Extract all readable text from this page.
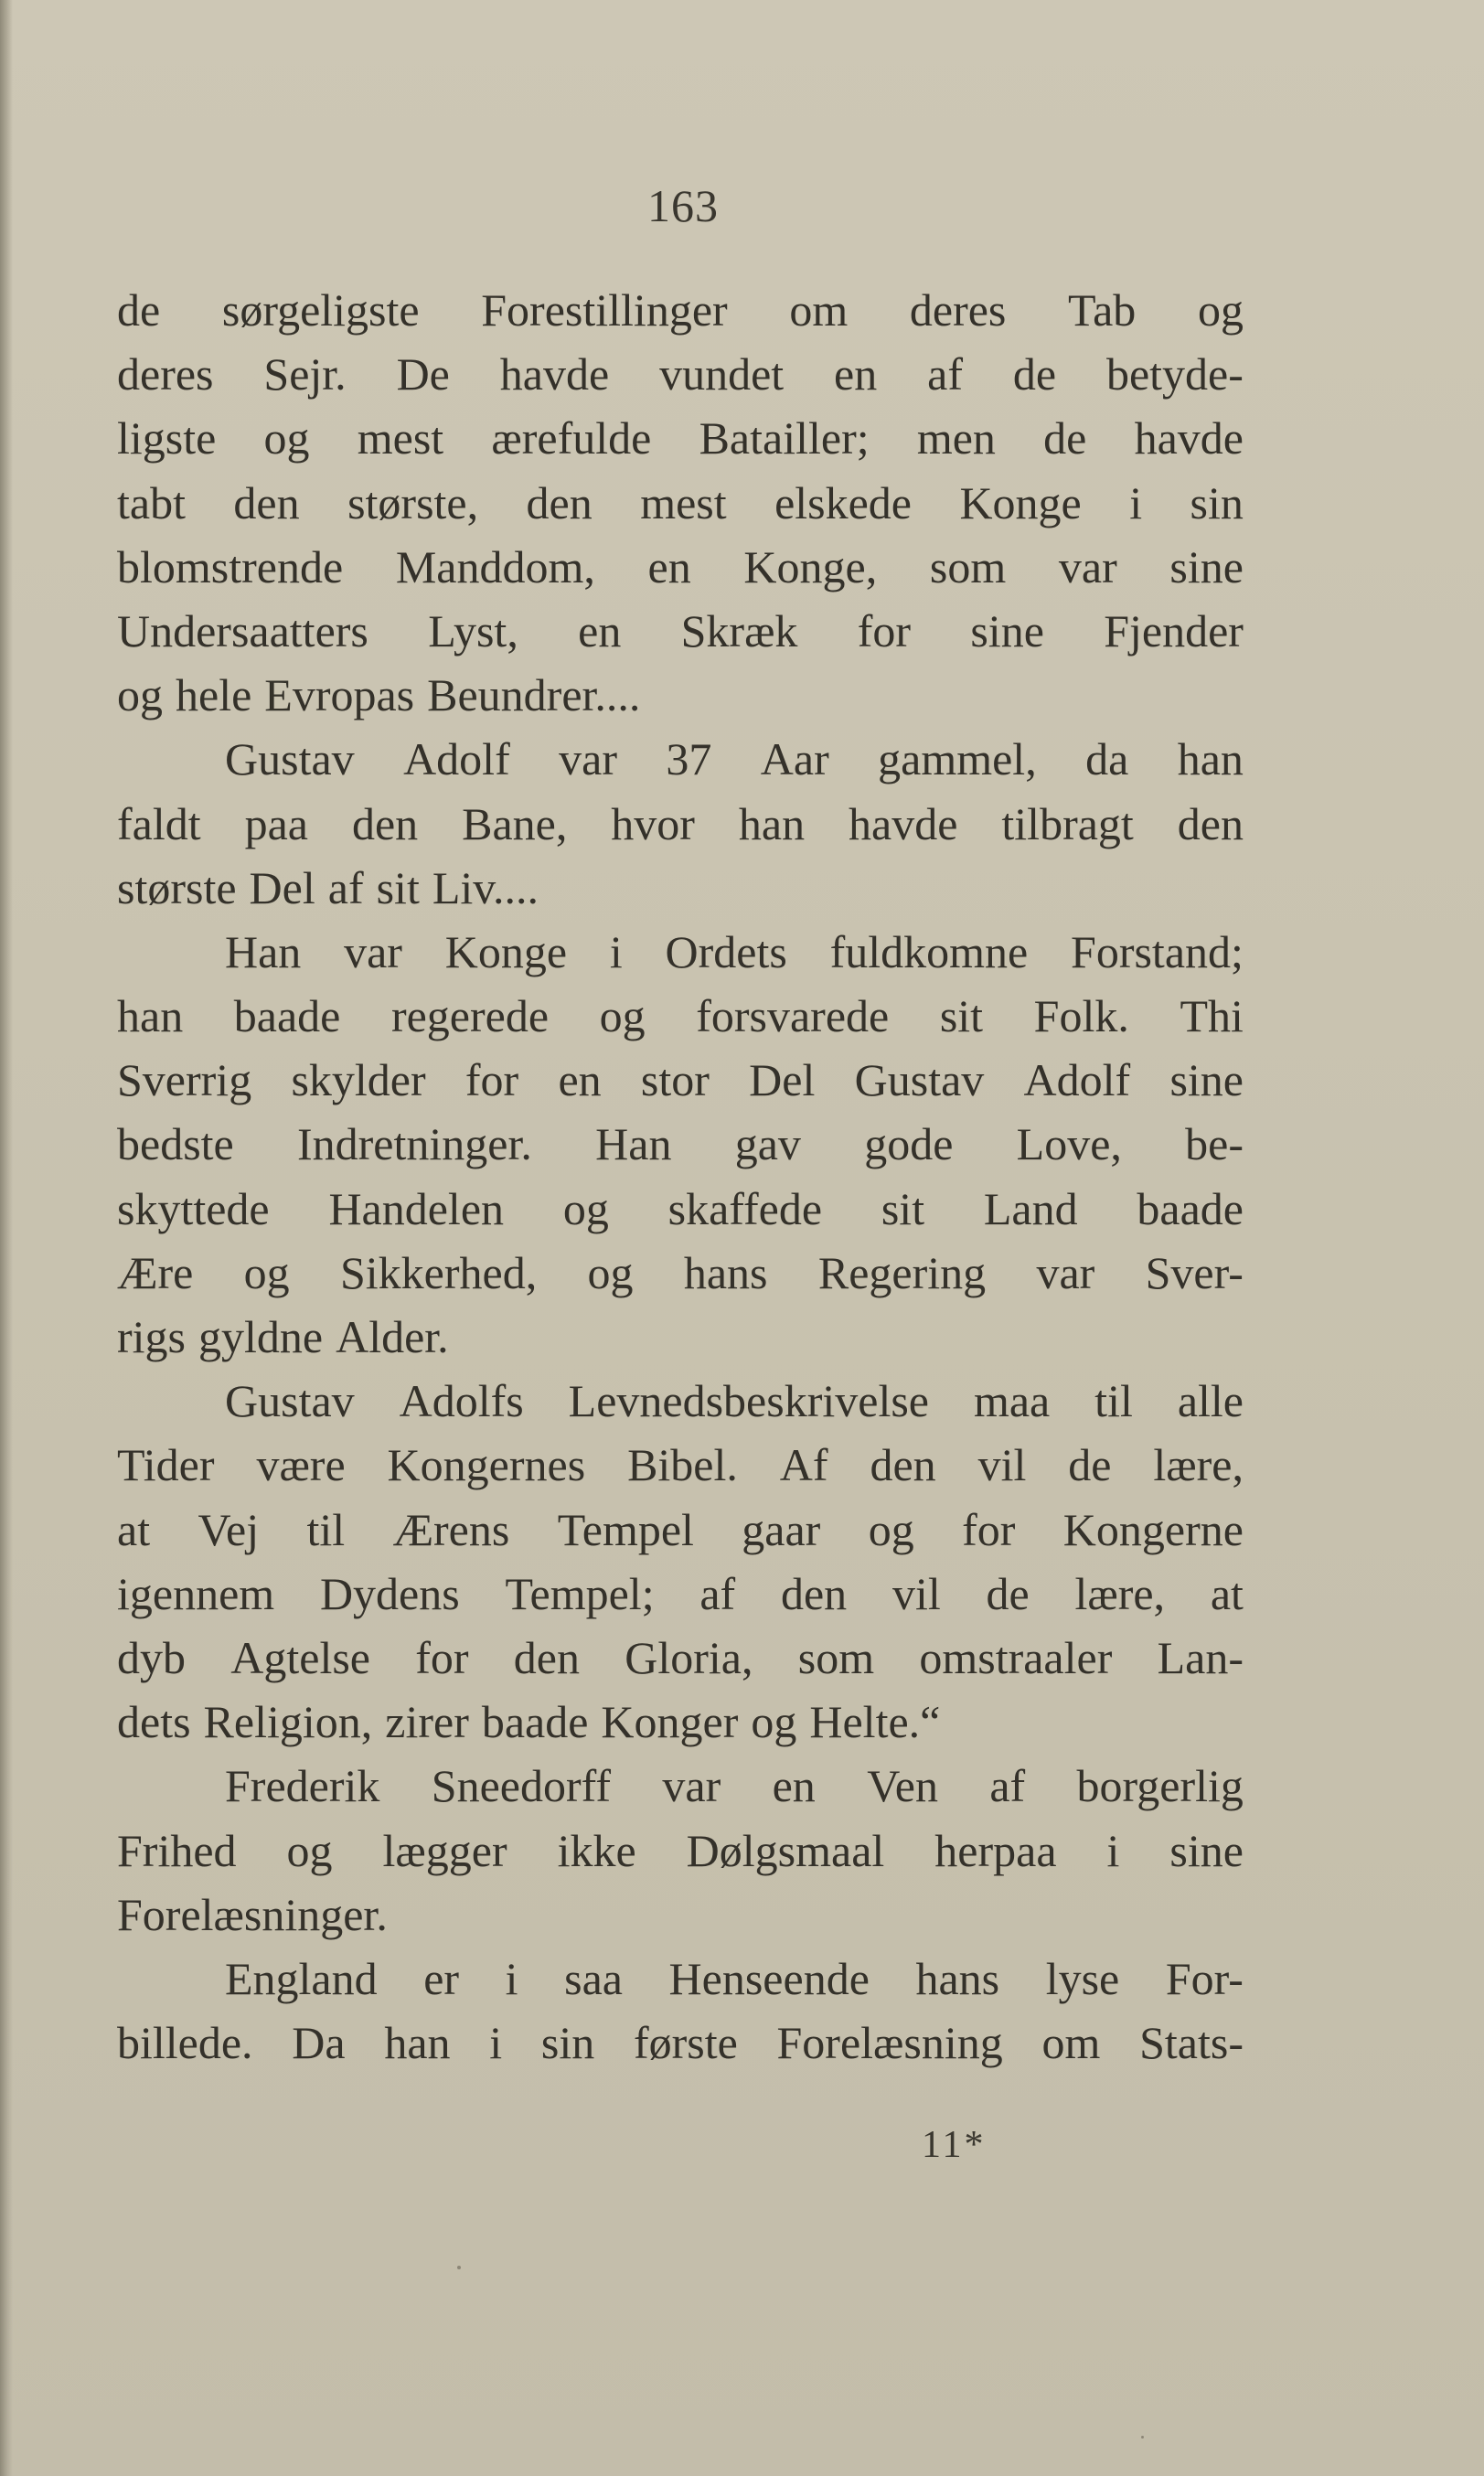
163
de sørgeligste Forestillinger om deres Tab og
deres Sejr. De havde vundet en af de betyde-
ligste og mest ærefulde Batailler; men de havde
tabt den største, den mest elskede Konge i sin
blomstrende Manddom, en Konge, som var sine
Undersaatters Lyst, en Skræk for sine Fjender
og hele Evropas Beundrer....
Gustav Adolf var 37 Aar gammel, da han
faldt paa den Bane, hvor han havde tilbragt den
største Del af sit Liv....
Han var Konge i Ordets fuldkomne Forstand;
han baade regerede og forsvarede sit Folk. Thi
Sverrig skylder for en stor Del Gustav Adolf sine
bedste Indretninger. Han gav gode Love, be-
skyttede Handelen og skaffede sit Land baade
Ære og Sikkerhed, og hans Regering var Sver-
rigs gyldne Alder.
Gustav Adolfs Levnedsbeskrivelse maa til alle
Tider være Kongernes Bibel. Af den vil de lære,
at Vej til Ærens Tempel gaar og for Kongerne
igennem Dydens Tempel; af den vil de lære, at
dyb Agtelse for den Gloria, som omstraaler Lan-
dets Religion, zirer baade Konger og Helte.“
Frederik Sneedorff var en Ven af borgerlig
Frihed og lægger ikke Dølgsmaal herpaa i sine
Forelæsninger.
England er i saa Henseende hans lyse For-
billede. Da han i sin første Forelæsning om Stats-
11*
